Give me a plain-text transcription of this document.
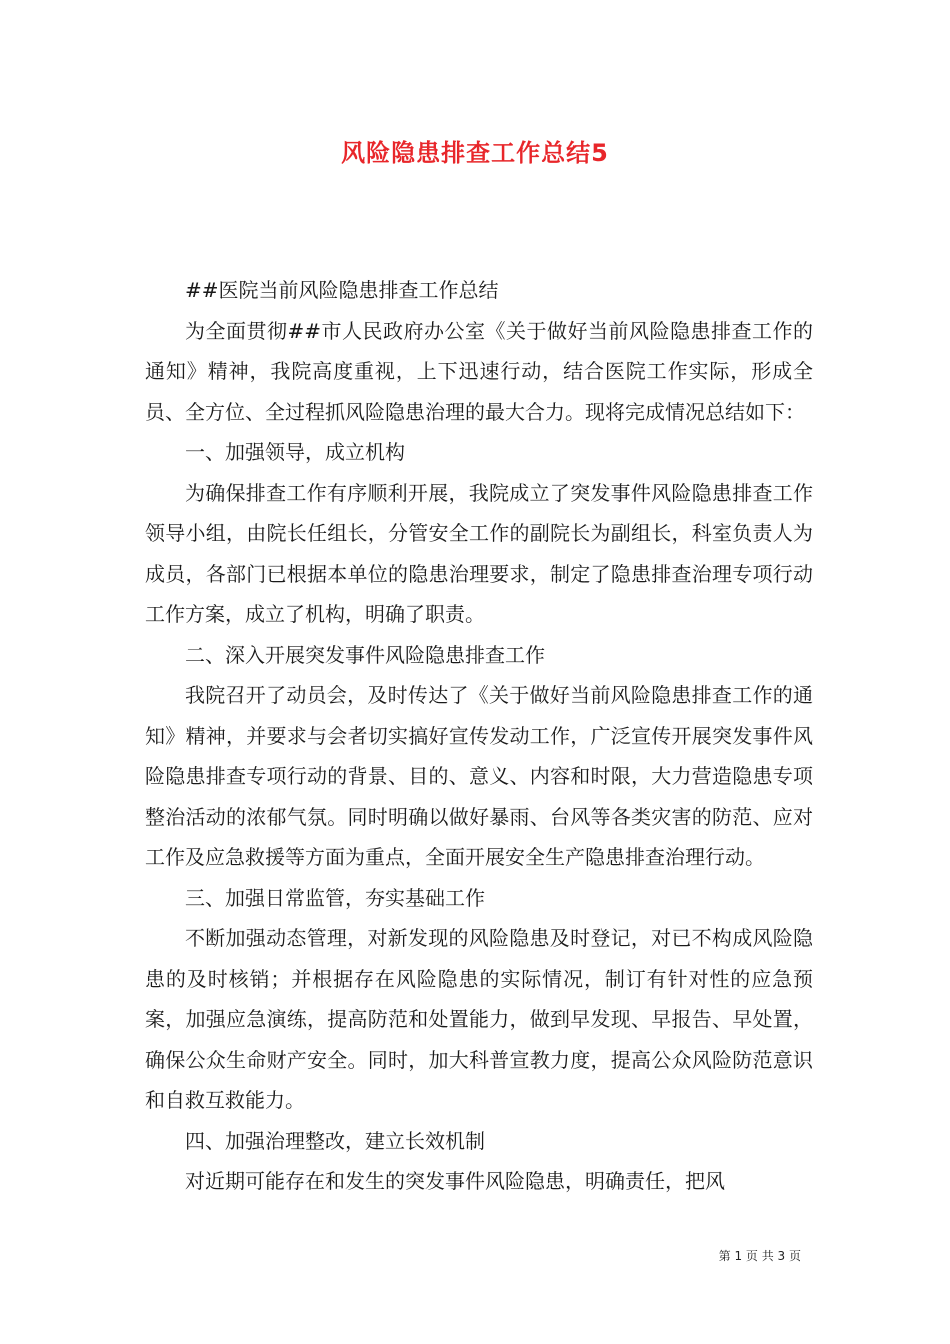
风险隐患排查工作总结5

##医院当前风险隐患排查工作总结

为全面贯彻##市人民政府办公室《关于做好当前风险隐患排查工作的通知》精神，我院高度重视，上下迅速行动，结合医院工作实际，形成全员、全方位、全过程抓风险隐患治理的最大合力。现将完成情况总结如下：

一、加强领导，成立机构

为确保排查工作有序顺利开展，我院成立了突发事件风险隐患排查工作领导小组，由院长任组长，分管安全工作的副院长为副组长，科室负责人为成员，各部门已根据本单位的隐患治理要求，制定了隐患排查治理专项行动工作方案，成立了机构，明确了职责。

二、深入开展突发事件风险隐患排查工作

我院召开了动员会，及时传达了《关于做好当前风险隐患排查工作的通知》精神，并要求与会者切实搞好宣传发动工作，广泛宣传开展突发事件风险隐患排查专项行动的背景、目的、意义、内容和时限，大力营造隐患专项整治活动的浓郁气氛。同时明确以做好暴雨、台风等各类灾害的防范、应对工作及应急救援等方面为重点，全面开展安全生产隐患排查治理行动。

三、加强日常监管，夯实基础工作

不断加强动态管理，对新发现的风险隐患及时登记，对已不构成风险隐患的及时核销；并根据存在风险隐患的实际情况，制订有针对性的应急预案，加强应急演练，提高防范和处置能力，做到早发现、早报告、早处置，确保公众生命财产安全。同时，加大科普宣教力度，提高公众风险防范意识和自救互救能力。

四、加强治理整改，建立长效机制

对近期可能存在和发生的突发事件风险隐患，明确责任，把风

第 1 页 共 3 页
